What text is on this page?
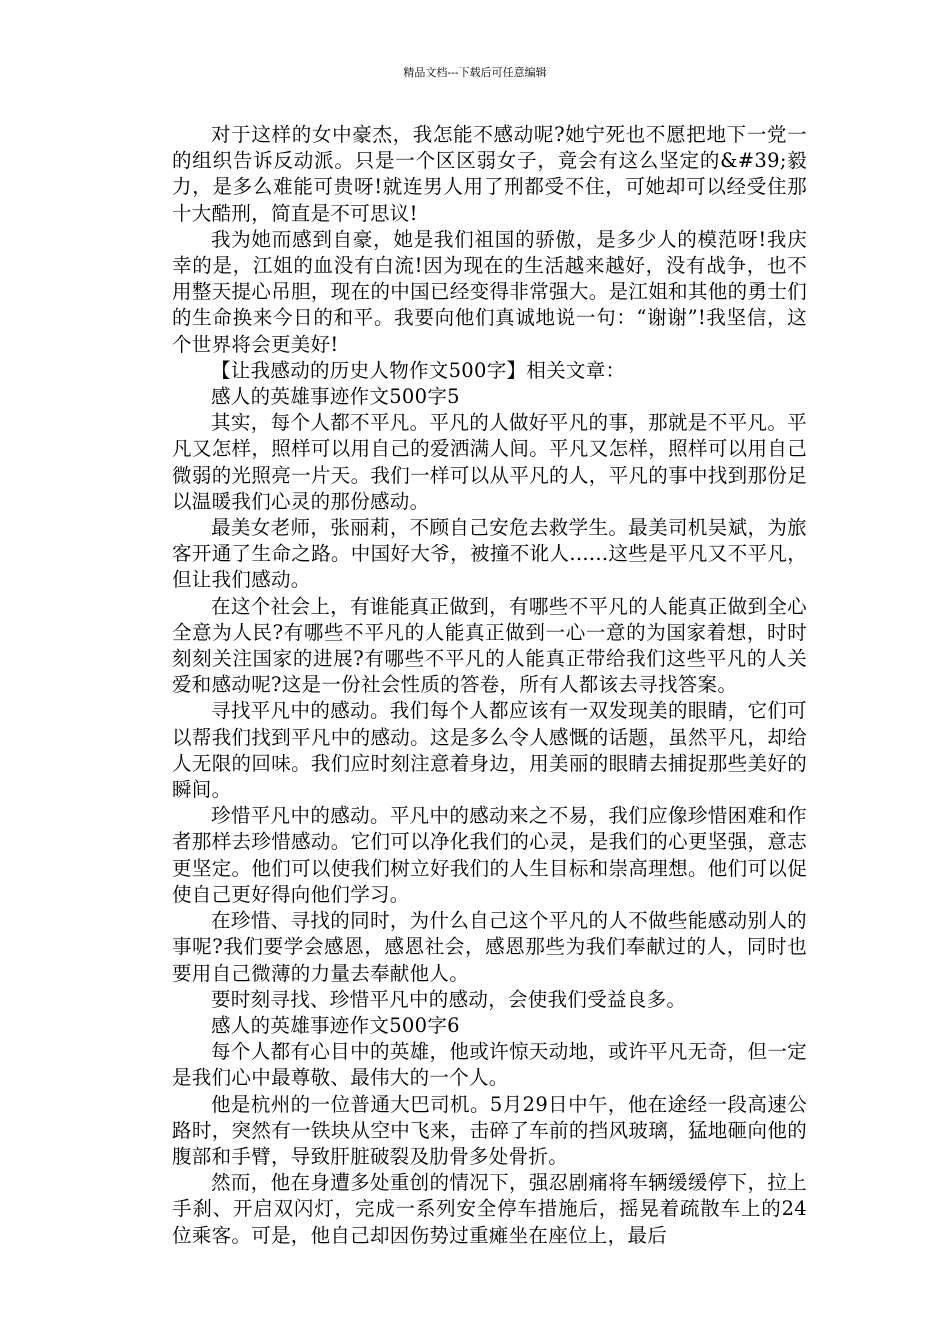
精品文档---下载后可任意编辑

对于这样的女中豪杰，我怎能不感动呢?她宁死也不愿把地下一党一的组织告诉反动派。只是一个区区弱女子，竟会有这么坚定的&#39;毅力，是多么难能可贵呀!就连男人用了刑都受不住，可她却可以经受住那十大酷刑，简直是不可思议!

我为她而感到自豪，她是我们祖国的骄傲，是多少人的模范呀!我庆幸的是，江姐的血没有白流!因为现在的生活越来越好，没有战争，也不用整天提心吊胆，现在的中国已经变得非常强大。是江姐和其他的勇士们的生命换来今日的和平。我要向他们真诚地说一句：“谢谢”!我坚信，这个世界将会更美好!

【让我感动的历史人物作文500字】相关文章：

感人的英雄事迹作文500字5

其实，每个人都不平凡。平凡的人做好平凡的事，那就是不平凡。平凡又怎样，照样可以用自己的爱洒满人间。平凡又怎样，照样可以用自己微弱的光照亮一片天。我们一样可以从平凡的人，平凡的事中找到那份足以温暖我们心灵的那份感动。

最美女老师，张丽莉，不顾自己安危去救学生。最美司机吴斌，为旅客开通了生命之路。中国好大爷，被撞不讹人......这些是平凡又不平凡，但让我们感动。

在这个社会上，有谁能真正做到，有哪些不平凡的人能真正做到全心全意为人民?有哪些不平凡的人能真正做到一心一意的为国家着想，时时刻刻关注国家的进展?有哪些不平凡的人能真正带给我们这些平凡的人关爱和感动呢?这是一份社会性质的答卷，所有人都该去寻找答案。

寻找平凡中的感动。我们每个人都应该有一双发现美的眼睛，它们可以帮我们找到平凡中的感动。这是多么令人感慨的话题，虽然平凡，却给人无限的回味。我们应时刻注意着身边，用美丽的眼睛去捕捉那些美好的瞬间。

珍惜平凡中的感动。平凡中的感动来之不易，我们应像珍惜困难和作者那样去珍惜感动。它们可以净化我们的心灵，是我们的心更坚强，意志更坚定。他们可以使我们树立好我们的人生目标和崇高理想。他们可以促使自己更好得向他们学习。

在珍惜、寻找的同时，为什么自己这个平凡的人不做些能感动别人的事呢?我们要学会感恩，感恩社会，感恩那些为我们奉献过的人，同时也要用自己微薄的力量去奉献他人。

要时刻寻找、珍惜平凡中的感动，会使我们受益良多。

感人的英雄事迹作文500字6

每个人都有心目中的英雄，他或许惊天动地，或许平凡无奇，但一定是我们心中最尊敬、最伟大的一个人。

他是杭州的一位普通大巴司机。5月29日中午，他在途经一段高速公路时，突然有一铁块从空中飞来，击碎了车前的挡风玻璃，猛地砸向他的腹部和手臂，导致肝脏破裂及肋骨多处骨折。

然而，他在身遭多处重创的情况下，强忍剧痛将车辆缓缓停下，拉上手刹、开启双闪灯，完成一系列安全停车措施后，摇晃着疏散车上的24位乘客。可是，他自己却因伤势过重瘫坐在座位上，最后
